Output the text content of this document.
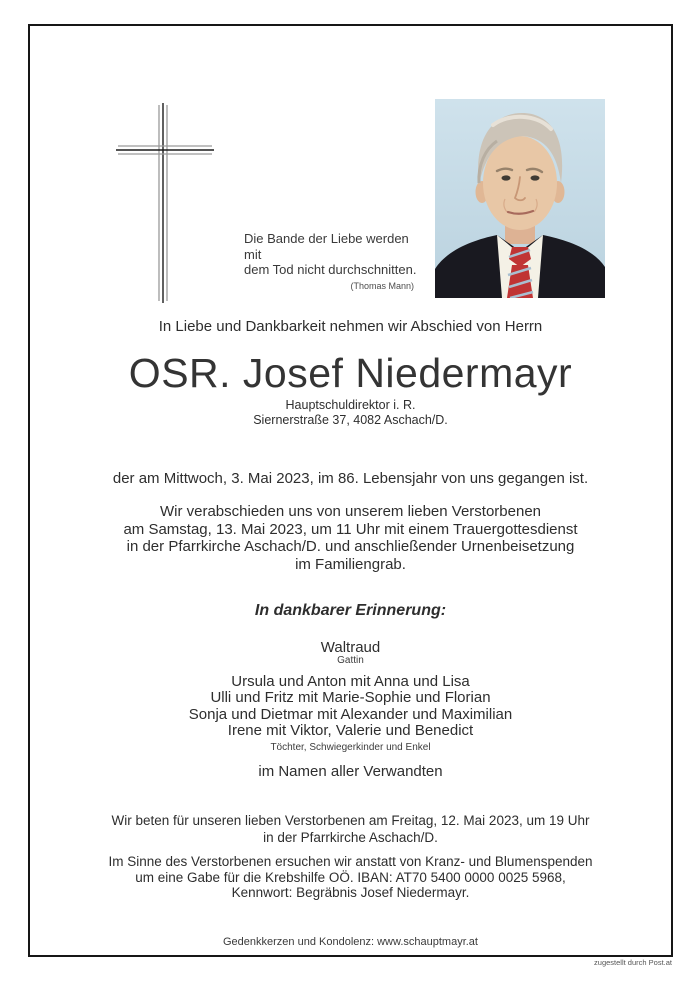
Die Bande der Liebe werden mit
dem Tod nicht durchschnitten.
(Thomas Mann)
In Liebe und Dankbarkeit nehmen wir Abschied von Herrn
OSR. Josef Niedermayr
Hauptschuldirektor i. R.
Siernerstraße 37, 4082 Aschach/D.
der am Mittwoch, 3. Mai 2023, im 86. Lebensjahr von uns gegangen ist.
Wir verabschieden uns von unserem lieben Verstorbenen
am Samstag, 13. Mai 2023, um 11 Uhr mit einem Trauergottesdienst
in der Pfarrkirche Aschach/D. und anschließender Urnenbeisetzung
im Familiengrab.
In dankbarer Erinnerung:
Waltraud
Gattin
Ursula und Anton mit Anna und Lisa
Ulli und Fritz mit Marie-Sophie und Florian
Sonja und Dietmar mit Alexander und Maximilian
Irene mit Viktor, Valerie und Benedict
Töchter, Schwiegerkinder und Enkel
im Namen aller Verwandten
Wir beten für unseren lieben Verstorbenen am Freitag, 12. Mai 2023, um 19 Uhr
in der Pfarrkirche Aschach/D.
Im Sinne des Verstorbenen ersuchen wir anstatt von Kranz- und Blumenspenden
um eine Gabe für die Krebshilfe OÖ. IBAN: AT70 5400 0000 0025 5968,
Kennwort: Begräbnis Josef Niedermayr.
Gedenkkerzen und Kondolenz: www.schauptmayr.at
zugestellt durch Post.at
